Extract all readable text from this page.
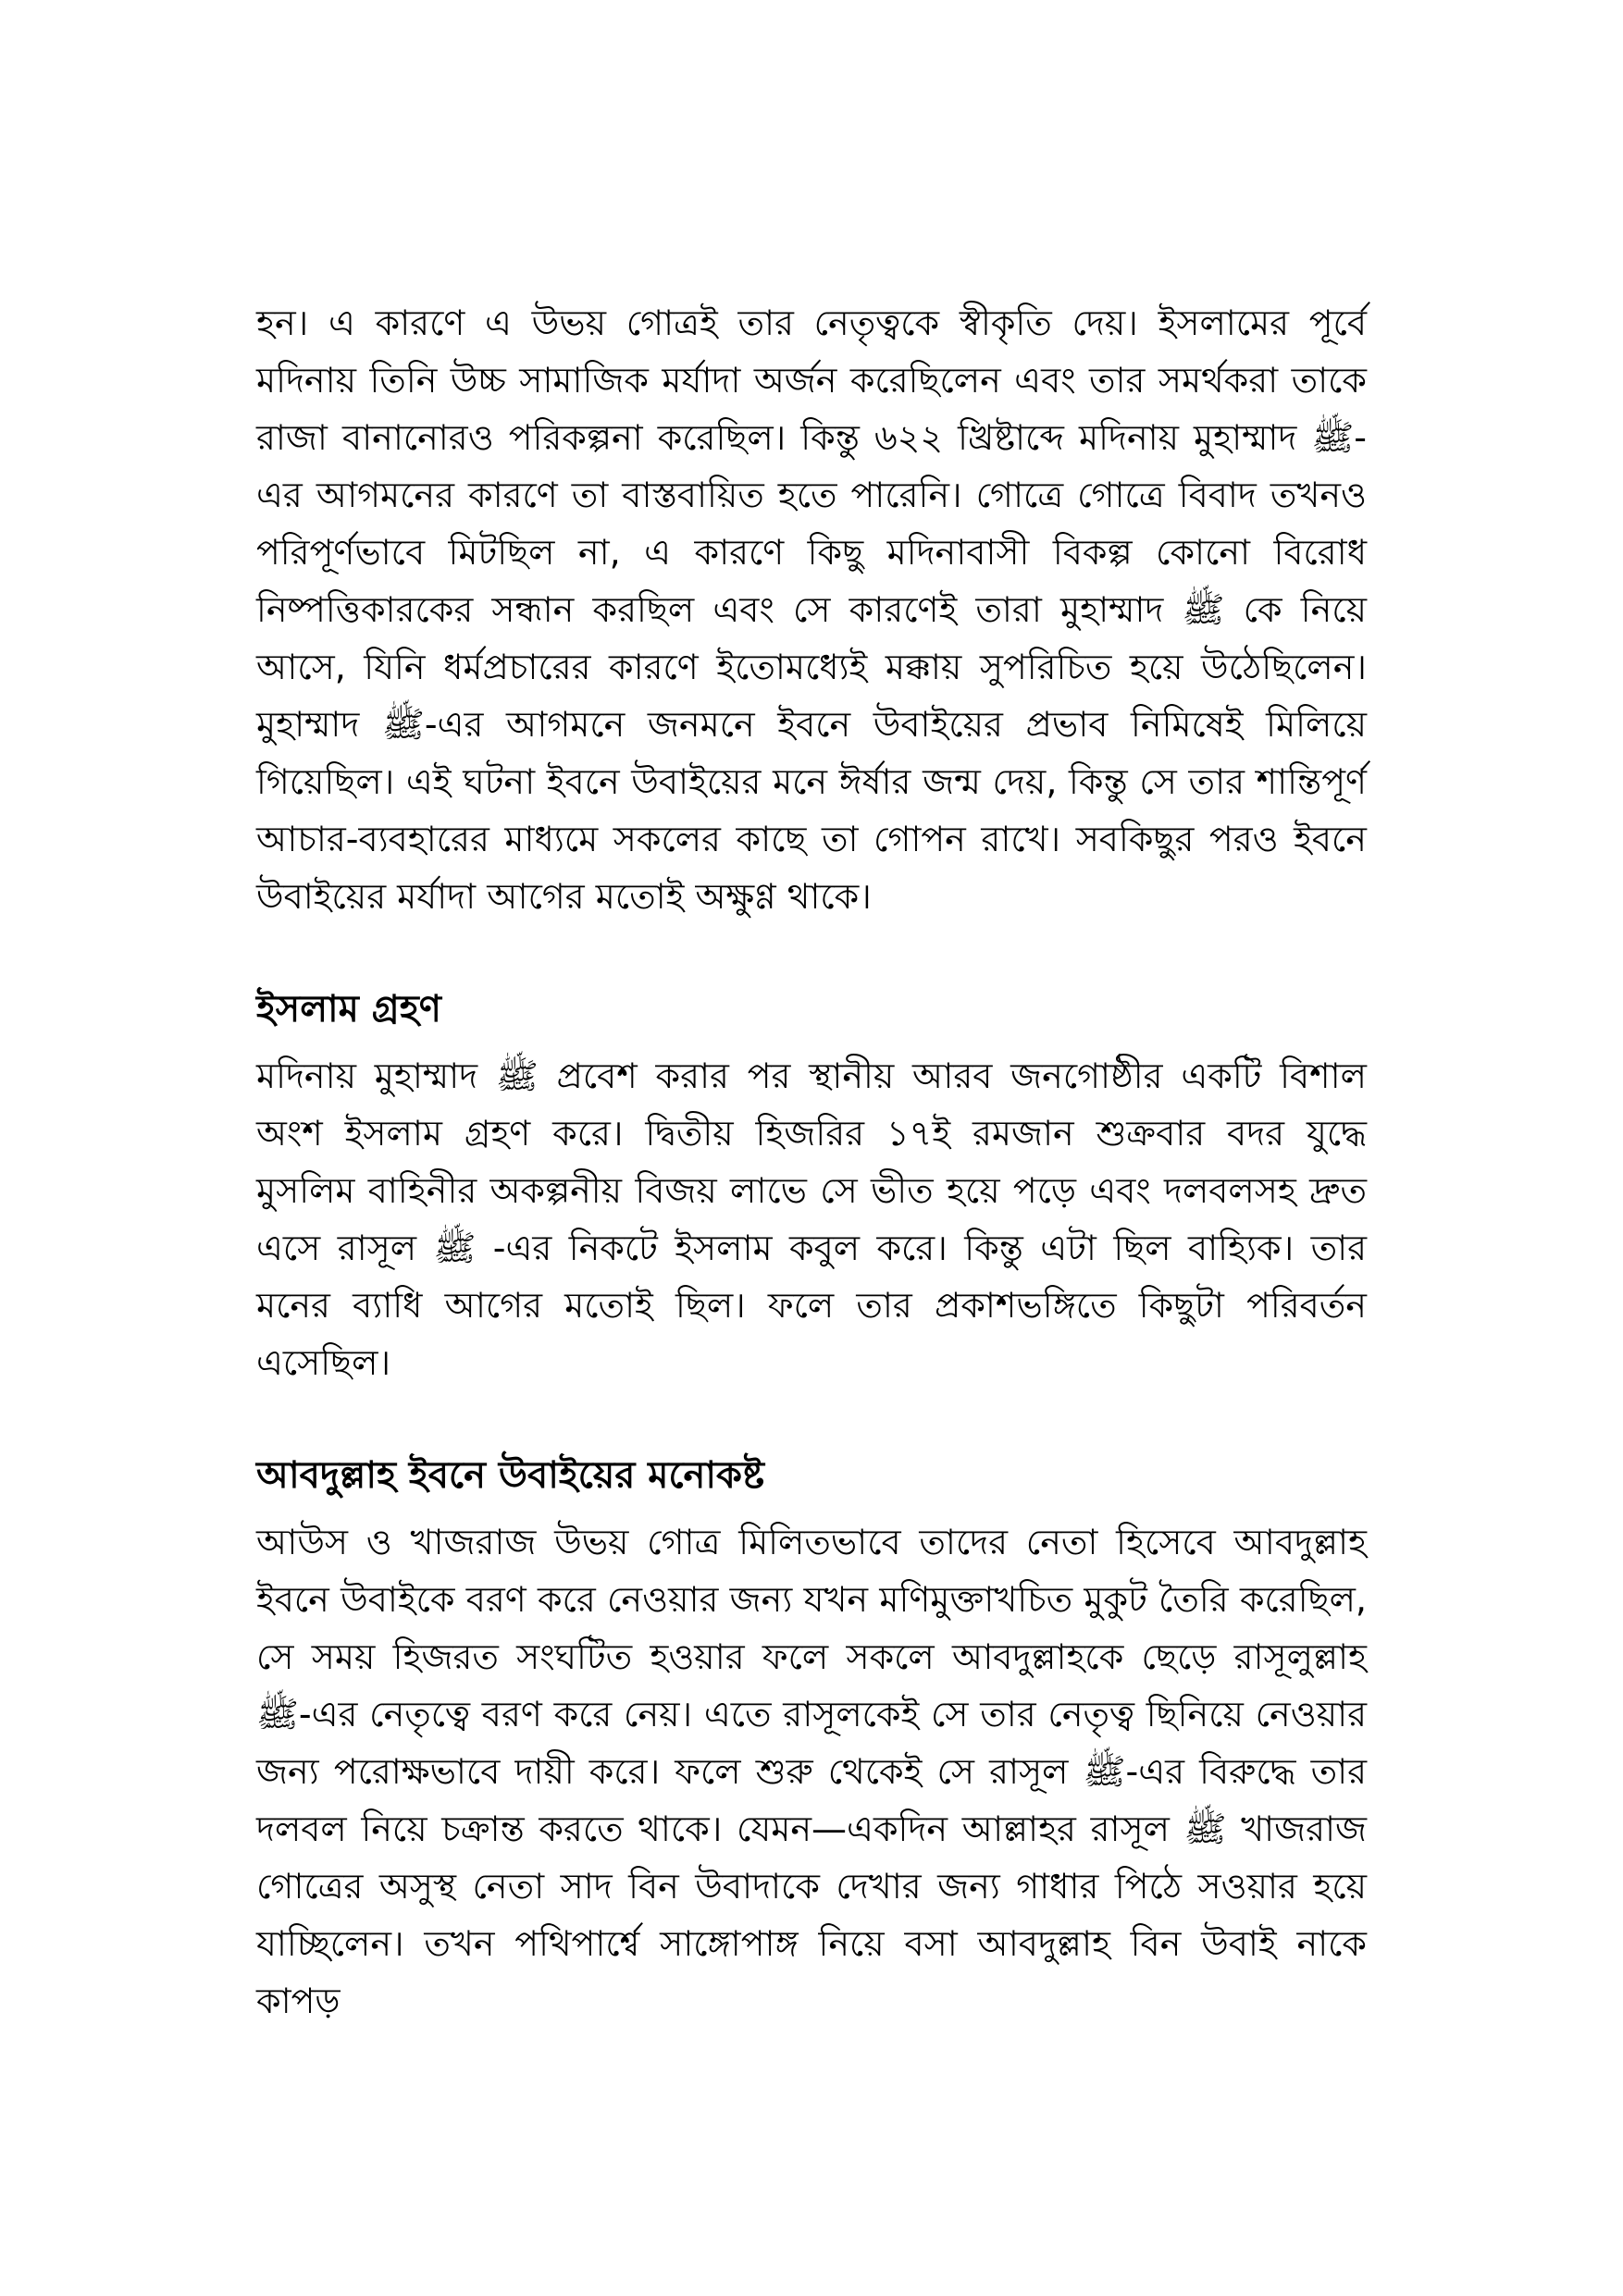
হন। এ কারণে এ উভয় গোত্রই তার নেতৃত্বকে স্বীকৃতি দেয়। ইসলামের পূর্বে মদিনায় তিনি উচ্চ সামাজিক মর্যাদা অর্জন করেছিলেন এবং তার সমর্থকরা তাকে রাজা বানানোরও পরিকল্পনা করেছিল। কিন্তু ৬২২ খ্রিষ্টাব্দে মদিনায় মুহাম্মাদ ﷺ-এর আগমনের কারণে তা বাস্তবায়িত হতে পারেনি। গোত্রে গোত্রে বিবাদ তখনও পরিপূর্ণভাবে মিটছিল না, এ কারণে কিছু মদিনাবাসী বিকল্প কোনো বিরোধ নিষ্পত্তিকারকের সন্ধান করছিল এবং সে কারণেই তারা মুহাম্মাদ ﷺ কে নিয়ে আসে, যিনি ধর্মপ্রচারের কারণে ইতোমধ্যেই মক্কায় সুপরিচিত হয়ে উঠেছিলেন। মুহাম্মাদ ﷺ-এর আগমনে জনমনে ইবনে উবাইয়ের প্রভাব নিমিষেই মিলিয়ে গিয়েছিল। এই ঘটনা ইবনে উবাইয়ের মনে ঈর্ষার জন্ম দেয়, কিন্তু সে তার শান্তিপূর্ণ আচার-ব্যবহারের মাধ্যমে সকলের কাছে তা গোপন রাখে। সবকিছুর পরও ইবনে উবাইয়ের মর্যাদা আগের মতোই অক্ষুণ্ণ থাকে।

ইসলাম গ্রহণ

মদিনায় মুহাম্মাদ ﷺ প্রবেশ করার পর স্থানীয় আরব জনগোষ্ঠীর একটি বিশাল অংশ ইসলাম গ্রহণ করে। দ্বিতীয় হিজরির ১৭ই রমজান শুক্রবার বদর যুদ্ধে মুসলিম বাহিনীর অকল্পনীয় বিজয় লাভে সে ভীত হয়ে পড়ে এবং দলবলসহ দ্রুত এসে রাসূল ﷺ -এর নিকটে ইসলাম কবুল করে। কিন্তু এটা ছিল বাহ্যিক। তার মনের ব্যাধি আগের মতোই ছিল। ফলে তার প্রকাশভঙ্গিতে কিছুটা পরিবর্তন এসেছিল।

আবদুল্লাহ ইবনে উবাইয়ের মনোকষ্ট

আউস ও খাজরাজ উভয় গোত্র মিলিতভাবে তাদের নেতা হিসেবে আবদুল্লাহ ইবনে উবাইকে বরণ করে নেওয়ার জন্য যখন মণিমুক্তাখচিত মুকুট তৈরি করেছিল, সে সময় হিজরত সংঘটিত হওয়ার ফলে সকলে আবদুল্লাহকে ছেড়ে রাসূলুল্লাহ ﷺ-এর নেতৃত্বে বরণ করে নেয়। এতে রাসূলকেই সে তার নেতৃত্ব ছিনিয়ে নেওয়ার জন্য পরোক্ষভাবে দায়ী করে। ফলে শুরু থেকেই সে রাসূল ﷺ-এর বিরুদ্ধে তার দলবল নিয়ে চক্রান্ত করতে থাকে। যেমন—একদিন আল্লাহর রাসূল ﷺ খাজরাজ গোত্রের অসুস্থ নেতা সাদ বিন উবাদাকে দেখার জন্য গাধার পিঠে সওয়ার হয়ে যাচ্ছিলেন। তখন পথিপার্শ্বে সাঙ্গোপাঙ্গ নিয়ে বসা আবদুল্লাহ বিন উবাই নাকে কাপড়
